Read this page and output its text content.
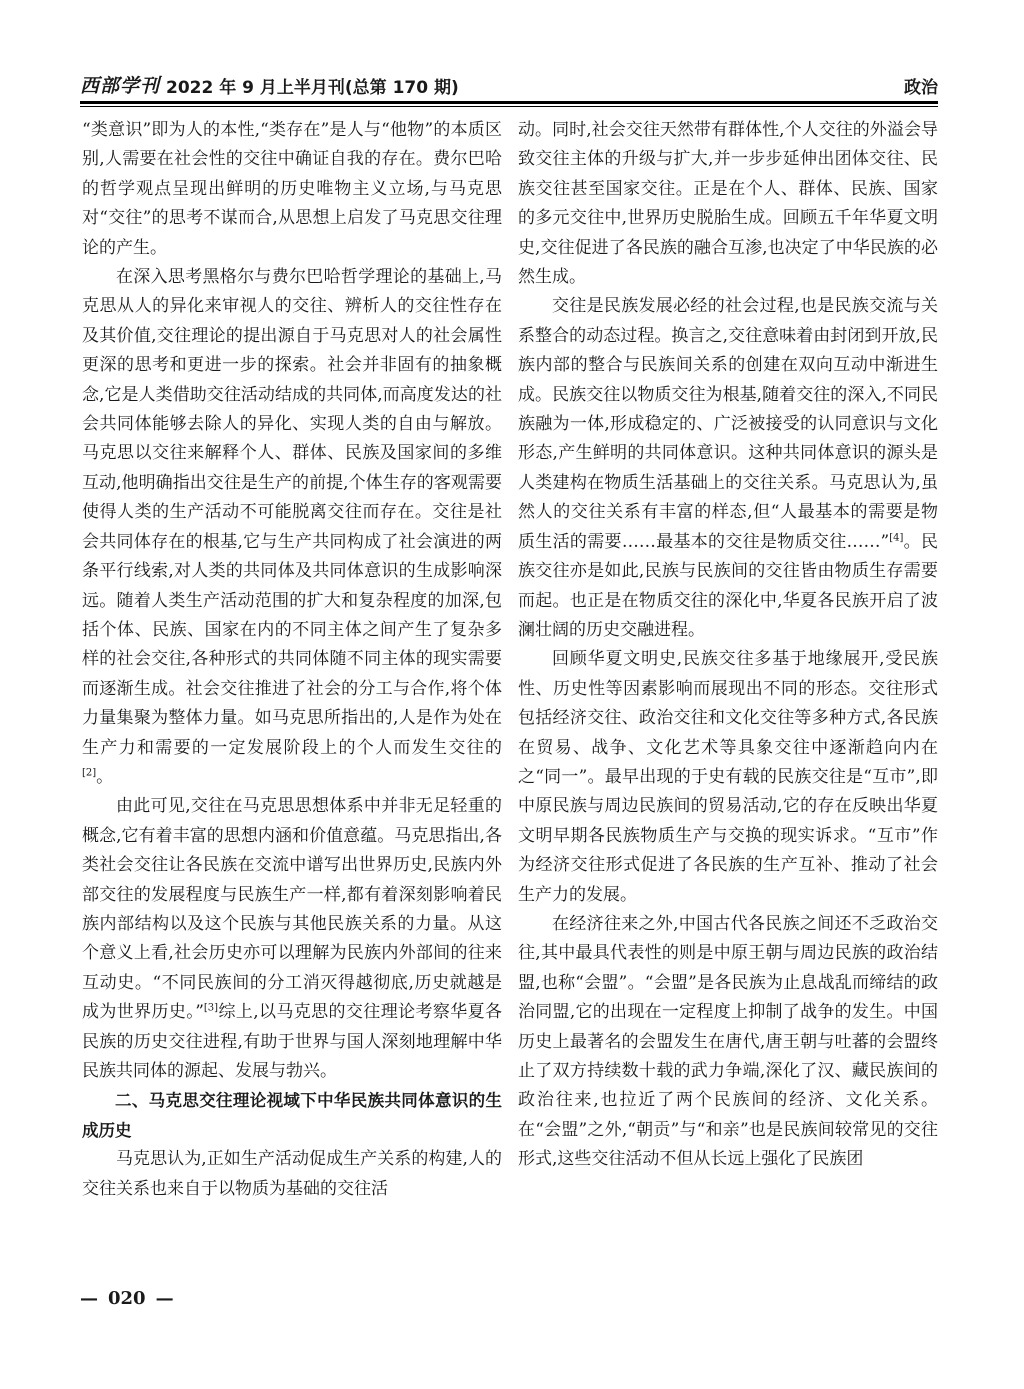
西部学刊 2022 年 9 月上半月刊(总第 170 期)	政治

“类意识”即为人的本性,“类存在”是人与“他物”的本质区别,人需要在社会性的交往中确证自我的存在。费尔巴哈的哲学观点呈现出鲜明的历史唯物主义立场,与马克思对“交往”的思考不谋而合,从思想上启发了马克思交往理论的产生。

在深入思考黑格尔与费尔巴哈哲学理论的基础上,马克思从人的异化来审视人的交往、辨析人的交往性存在及其价值,交往理论的提出源自于马克思对人的社会属性更深的思考和更进一步的探索。社会并非固有的抽象概念,它是人类借助交往活动结成的共同体,而高度发达的社会共同体能够去除人的异化、实现人类的自由与解放。马克思以交往来解释个人、群体、民族及国家间的多维互动,他明确指出交往是生产的前提,个体生存的客观需要使得人类的生产活动不可能脱离交往而存在。交往是社会共同体存在的根基,它与生产共同构成了社会演进的两条平行线索,对人类的共同体及共同体意识的生成影响深远。随着人类生产活动范围的扩大和复杂程度的加深,包括个体、民族、国家在内的不同主体之间产生了复杂多样的社会交往,各种形式的共同体随不同主体的现实需要而逐渐生成。社会交往推进了社会的分工与合作,将个体力量集聚为整体力量。如马克思所指出的,人是作为处在生产力和需要的一定发展阶段上的个人而发生交往的[2]。

由此可见,交往在马克思思想体系中并非无足轻重的概念,它有着丰富的思想内涵和价值意蕴。马克思指出,各类社会交往让各民族在交流中谱写出世界历史,民族内外部交往的发展程度与民族生产一样,都有着深刻影响着民族内部结构以及这个民族与其他民族关系的力量。从这个意义上看,社会历史亦可以理解为民族内外部间的往来互动史。“不同民族间的分工消灭得越彻底,历史就越是成为世界历史。”[3]综上,以马克思的交往理论考察华夏各民族的历史交往进程,有助于世界与国人深刻地理解中华民族共同体的源起、发展与勃兴。

二、马克思交往理论视域下中华民族共同体意识的生成历史

马克思认为,正如生产活动促成生产关系的构建,人的交往关系也来自于以物质为基础的交往活

动。同时,社会交往天然带有群体性,个人交往的外溢会导致交往主体的升级与扩大,并一步步延伸出团体交往、民族交往甚至国家交往。正是在个人、群体、民族、国家的多元交往中,世界历史脱胎生成。回顾五千年华夏文明史,交往促进了各民族的融合互渗,也决定了中华民族的必然生成。

交往是民族发展必经的社会过程,也是民族交流与关系整合的动态过程。换言之,交往意味着由封闭到开放,民族内部的整合与民族间关系的创建在双向互动中渐进生成。民族交往以物质交往为根基,随着交往的深入,不同民族融为一体,形成稳定的、广泛被接受的认同意识与文化形态,产生鲜明的共同体意识。这种共同体意识的源头是人类建构在物质生活基础上的交往关系。马克思认为,虽然人的交往关系有丰富的样态,但“人最基本的需要是物质生活的需要……最基本的交往是物质交往……”[4]。民族交往亦是如此,民族与民族间的交往皆由物质生存需要而起。也正是在物质交往的深化中,华夏各民族开启了波澜壮阔的历史交融进程。

回顾华夏文明史,民族交往多基于地缘展开,受民族性、历史性等因素影响而展现出不同的形态。交往形式包括经济交往、政治交往和文化交往等多种方式,各民族在贸易、战争、文化艺术等具象交往中逐渐趋向内在之“同一”。最早出现的于史有载的民族交往是“互市”,即中原民族与周边民族间的贸易活动,它的存在反映出华夏文明早期各民族物质生产与交换的现实诉求。“互市”作为经济交往形式促进了各民族的生产互补、推动了社会生产力的发展。

在经济往来之外,中国古代各民族之间还不乏政治交往,其中最具代表性的则是中原王朝与周边民族的政治结盟,也称“会盟”。“会盟”是各民族为止息战乱而缔结的政治同盟,它的出现在一定程度上抑制了战争的发生。中国历史上最著名的会盟发生在唐代,唐王朝与吐蕃的会盟终止了双方持续数十载的武力争端,深化了汉、藏民族间的政治往来,也拉近了两个民族间的经济、文化关系。在“会盟”之外,“朝贡”与“和亲”也是民族间较常见的交往形式,这些交往活动不但从长远上强化了民族团

— 020 —
